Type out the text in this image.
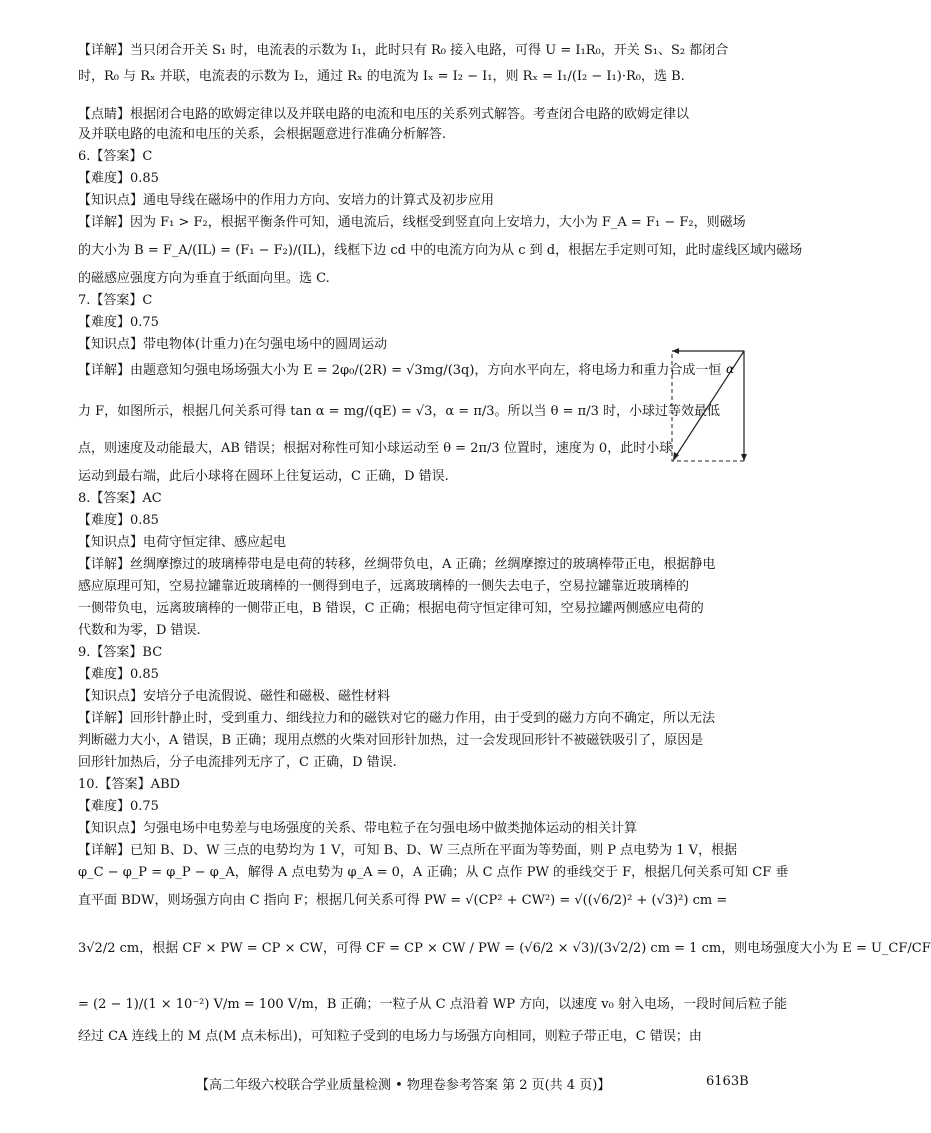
【详解】当只闭合开关 S₁ 时，电流表的示数为 I₁，此时只有 R₀ 接入电路，可得 U = I₁R₀，开关 S₁、S₂ 都闭合
时，R₀ 与 Rₓ 并联，电流表的示数为 I₂，通过 Rₓ 的电流为 Iₓ = I₂ − I₁，则 Rₓ = I₁/(I₂ − I₁)·R₀，选 B.
【点睛】根据闭合电路的欧姆定律以及并联电路的电流和电压的关系列式解答。考查闭合电路的欧姆定律以
及并联电路的电流和电压的关系，会根据题意进行准确分析解答.
6.【答案】C
【难度】0.85
【知识点】通电导线在磁场中的作用力方向、安培力的计算式及初步应用
【详解】因为 F₁ > F₂，根据平衡条件可知，通电流后，线框受到竖直向上安培力，大小为 F_A = F₁ − F₂，则磁场
的大小为 B = F_A/(IL) = (F₁ − F₂)/(IL)，线框下边 cd 中的电流方向为从 c 到 d，根据左手定则可知，此时虚线区域内磁场
的磁感应强度方向为垂直于纸面向里。选 C.
7.【答案】C
【难度】0.75
【知识点】带电物体(计重力)在匀强电场中的圆周运动
【详解】由题意知匀强电场场强大小为 E = 2φ₀/(2R) = √3mg/(3q)，方向水平向左，将电场力和重力合成一恒
力 F，如图所示，根据几何关系可得 tan α = mg/(qE) = √3，α = π/3。所以当 θ = π/3 时，小球过等效最低
点，则速度及动能最大，AB 错误；根据对称性可知小球运动至 θ = 2π/3 位置时，速度为 0，此时小球
运动到最右端，此后小球将在圆环上往复运动，C 正确，D 错误.
8.【答案】AC
【难度】0.85
【知识点】电荷守恒定律、感应起电
【详解】丝绸摩擦过的玻璃棒带电是电荷的转移，丝绸带负电，A 正确；丝绸摩擦过的玻璃棒带正电，根据静电
感应原理可知，空易拉罐靠近玻璃棒的一侧得到电子，远离玻璃棒的一侧失去电子，空易拉罐靠近玻璃棒的
一侧带负电，远离玻璃棒的一侧带正电，B 错误，C 正确；根据电荷守恒定律可知，空易拉罐两侧感应电荷的
代数和为零，D 错误.
9.【答案】BC
【难度】0.85
【知识点】安培分子电流假说、磁性和磁极、磁性材料
【详解】回形针静止时，受到重力、细线拉力和的磁铁对它的磁力作用，由于受到的磁力方向不确定，所以无法
判断磁力大小，A 错误，B 正确；现用点燃的火柴对回形针加热，过一会发现回形针不被磁铁吸引了，原因是
回形针加热后，分子电流排列无序了，C 正确，D 错误.
10.【答案】ABD
【难度】0.75
【知识点】匀强电场中电势差与电场强度的关系、带电粒子在匀强电场中做类抛体运动的相关计算
【详解】已知 B、D、W 三点的电势均为 1 V，可知 B、D、W 三点所在平面为等势面，则 P 点电势为 1 V，根据
φ_C − φ_P = φ_P − φ_A，解得 A 点电势为 φ_A = 0，A 正确；从 C 点作 PW 的垂线交于 F，根据几何关系可知 CF 垂
直平面 BDW，则场强方向由 C 指向 F；根据几何关系可得 PW = √(CP² + CW²) = √((√6/2)² + (√3)²) cm =
3√2/2 cm，根据 CF × PW = CP × CW，可得 CF = CP × CW / PW = (√6/2 × √3)/(3√2/2) cm = 1 cm，则电场强度大小为 E = U_CF/CF
= (2 − 1)/(1 × 10⁻²) V/m = 100 V/m，B 正确；一粒子从 C 点沿着 WP 方向，以速度 v₀ 射入电场，一段时间后粒子能
经过 CA 连线上的 M 点(M 点未标出)，可知粒子受到的电场力与场强方向相同，则粒子带正电，C 错误；由
α
【高二年级六校联合学业质量检测 • 物理卷参考答案 第 2 页(共 4 页)】	6163B
